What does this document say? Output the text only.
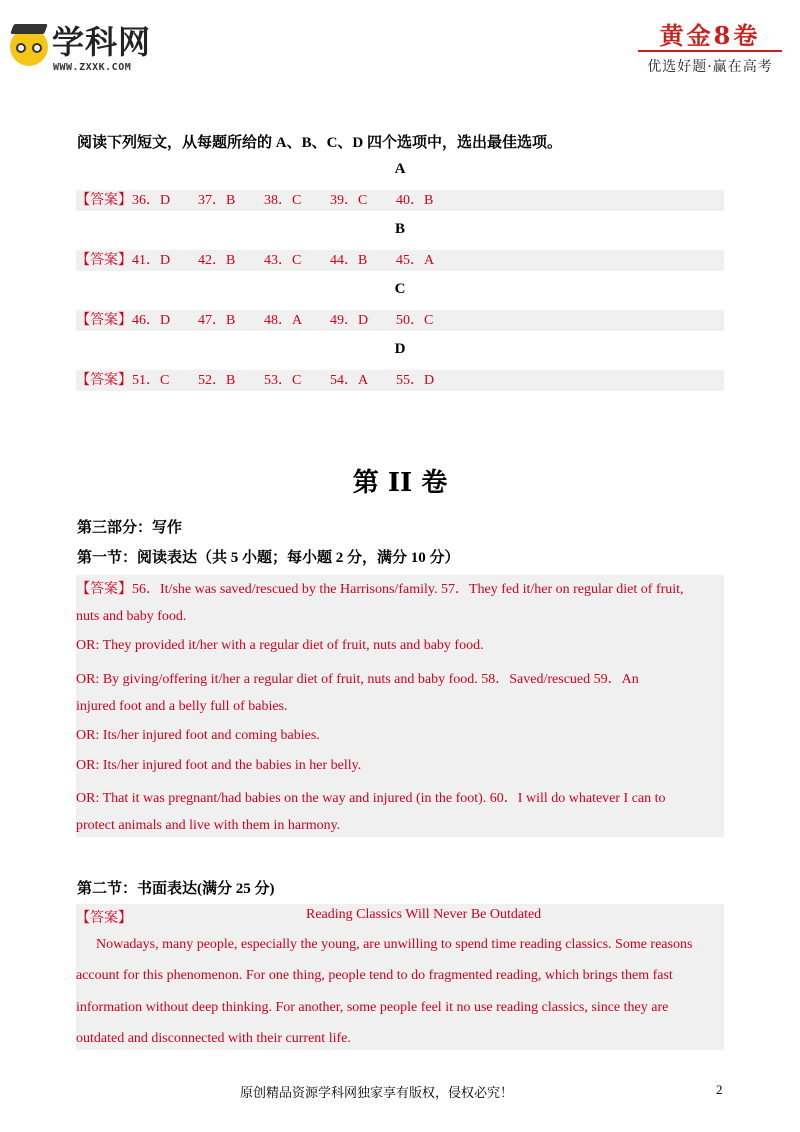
学科网
WWW.ZXXK.COM
黄金8卷
优选好题·赢在高考
阅读下列短文，从每题所给的 A、B、C、D 四个选项中，选出最佳选项。
A
【答案】 36．D 37．B 38．C 39．C 40．B
B
【答案】 41．D 42．B 43．C 44．B 45．A
C
【答案】 46．D 47．B 48．A 49．D 50．C
D
【答案】 51．C 52．B 53．C 54．A 55．D
第 II 卷
第三部分：写作
第一节：阅读表达（共 5 小题；每小题 2 分，满分 10 分）
【答案】56．It/she was saved/rescued by the Harrisons/family. 57．They fed it/her on regular diet of fruit,
nuts and baby food.
OR: They provided it/her with a regular diet of fruit, nuts and baby food.
OR: By giving/offering it/her a regular diet of fruit, nuts and baby food. 58．Saved/rescued 59．An
injured foot and a belly full of babies.
OR: Its/her injured foot and coming babies.
OR: Its/her injured foot and the babies in her belly.
OR: That it was pregnant/had babies on the way and injured (in the foot). 60．I will do whatever I can to
protect animals and live with them in harmony.
第二节：书面表达(满分 25 分)
【答案】	Reading Classics Will Never Be Outdated
Nowadays, many people, especially the young, are unwilling to spend time reading classics. Some reasons
account for this phenomenon. For one thing, people tend to do fragmented reading, which brings them fast
information without deep thinking. For another, some people feel it no use reading classics, since they are
outdated and disconnected with their current life.
原创精品资源学科网独家享有版权，侵权必究！	2
